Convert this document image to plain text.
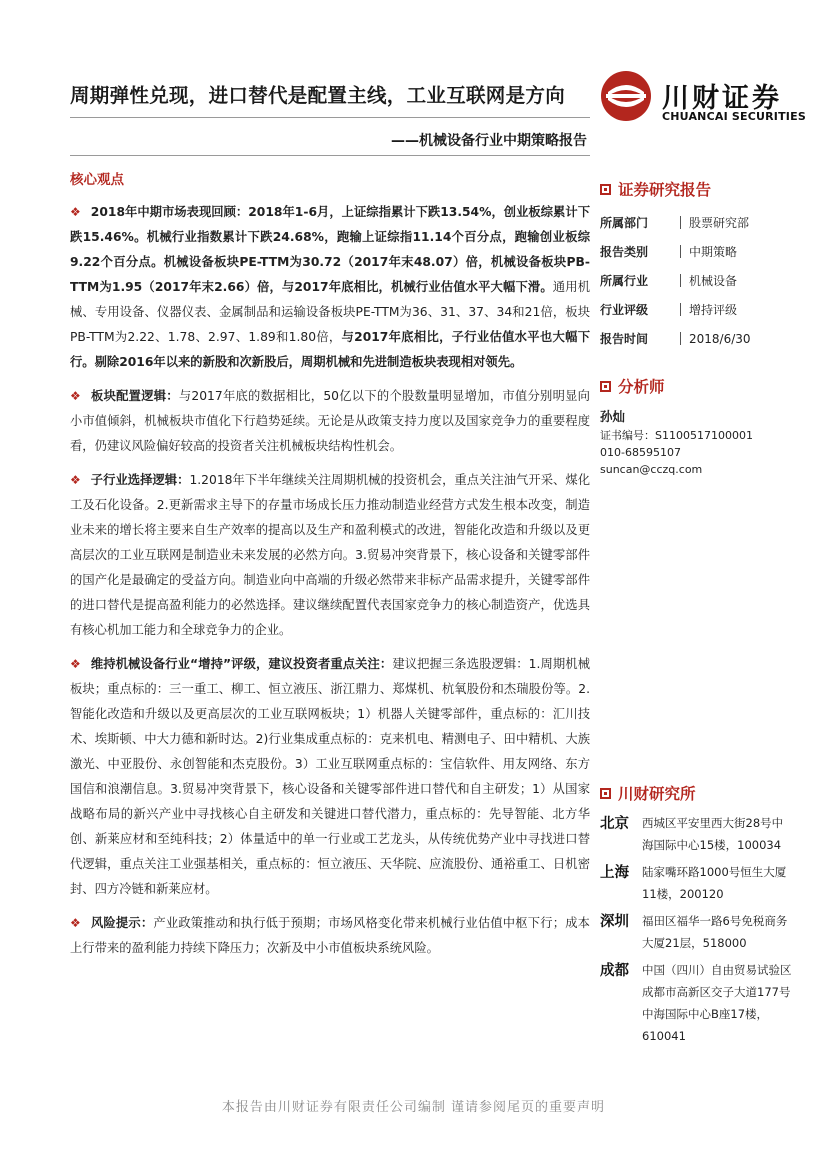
周期弹性兑现，进口替代是配置主线，工业互联网是方向
——机械设备行业中期策略报告
川财证券
CHUANCAI SECURITIES
核心观点

❖ 2018年中期市场表现回顾：2018年1-6月，上证综指累计下跌13.54%，创业板综累计下跌15.46%。机械行业指数累计下跌24.68%，跑输上证综指11.14个百分点，跑输创业板综9.22个百分点。机械设备板块PE-TTM为30.72（2017年末48.07）倍，机械设备板块PB-TTM为1.95（2017年末2.66）倍，与2017年底相比，机械行业估值水平大幅下滑。通用机械、专用设备、仪器仪表、金属制品和运输设备板块PE-TTM为36、31、37、34和21倍，板块PB-TTM为2.22、1.78、2.97、1.89和1.80倍，与2017年底相比，子行业估值水平也大幅下行。剔除2016年以来的新股和次新股后，周期机械和先进制造板块表现相对领先。

❖ 板块配置逻辑：与2017年底的数据相比，50亿以下的个股数量明显增加，市值分别明显向小市值倾斜，机械板块市值化下行趋势延续。无论是从政策支持力度以及国家竞争力的重要程度看，仍建议风险偏好较高的投资者关注机械板块结构性机会。

❖ 子行业选择逻辑：1.2018年下半年继续关注周期机械的投资机会，重点关注油气开采、煤化工及石化设备。2.更新需求主导下的存量市场成长压力推动制造业经营方式发生根本改变，制造业未来的增长将主要来自生产效率的提高以及生产和盈利模式的改进，智能化改造和升级以及更高层次的工业互联网是制造业未来发展的必然方向。3.贸易冲突背景下，核心设备和关键零部件的国产化是最确定的受益方向。制造业向中高端的升级必然带来非标产品需求提升，关键零部件的进口替代是提高盈利能力的必然选择。建议继续配置代表国家竞争力的核心制造资产，优选具有核心机加工能力和全球竞争力的企业。

❖ 维持机械设备行业“增持”评级，建议投资者重点关注：建议把握三条选股逻辑：1.周期机械板块；重点标的：三一重工、柳工、恒立液压、浙江鼎力、郑煤机、杭氧股份和杰瑞股份等。2.智能化改造和升级以及更高层次的工业互联网板块；1）机器人关键零部件，重点标的：汇川技术、埃斯顿、中大力德和新时达。2)行业集成重点标的：克来机电、精测电子、田中精机、大族激光、中亚股份、永创智能和杰克股份。3）工业互联网重点标的：宝信软件、用友网络、东方国信和浪潮信息。3.贸易冲突背景下，核心设备和关键零部件进口替代和自主研发；1）从国家战略布局的新兴产业中寻找核心自主研发和关键进口替代潜力，重点标的：先导智能、北方华创、新莱应材和至纯科技；2）体量适中的单一行业或工艺龙头，从传统优势产业中寻找进口替代逻辑，重点关注工业强基相关，重点标的：恒立液压、天华院、应流股份、通裕重工、日机密封、四方冷链和新莱应材。

❖ 风险提示：产业政策推动和执行低于预期；市场风格变化带来机械行业估值中枢下行；成本上行带来的盈利能力持续下降压力；次新及中小市值板块系统风险。

证券研究报告
所属部门	股票研究部
报告类别	中期策略
所属行业	机械设备
行业评级	增持评级
报告时间	2018/6/30
分析师
孙灿
证书编号：S1100517100001
010-68595107
suncan@cczq.com
川财研究所
北京	西城区平安里西大街28号中海国际中心15楼，100034
上海	陆家嘴环路1000号恒生大厦11楼，200120
深圳	福田区福华一路6号免税商务大厦21层，518000
成都	中国（四川）自由贸易试验区成都市高新区交子大道177号中海国际中心B座17楼，610041
本报告由川财证券有限责任公司编制 谨请参阅尾页的重要声明
